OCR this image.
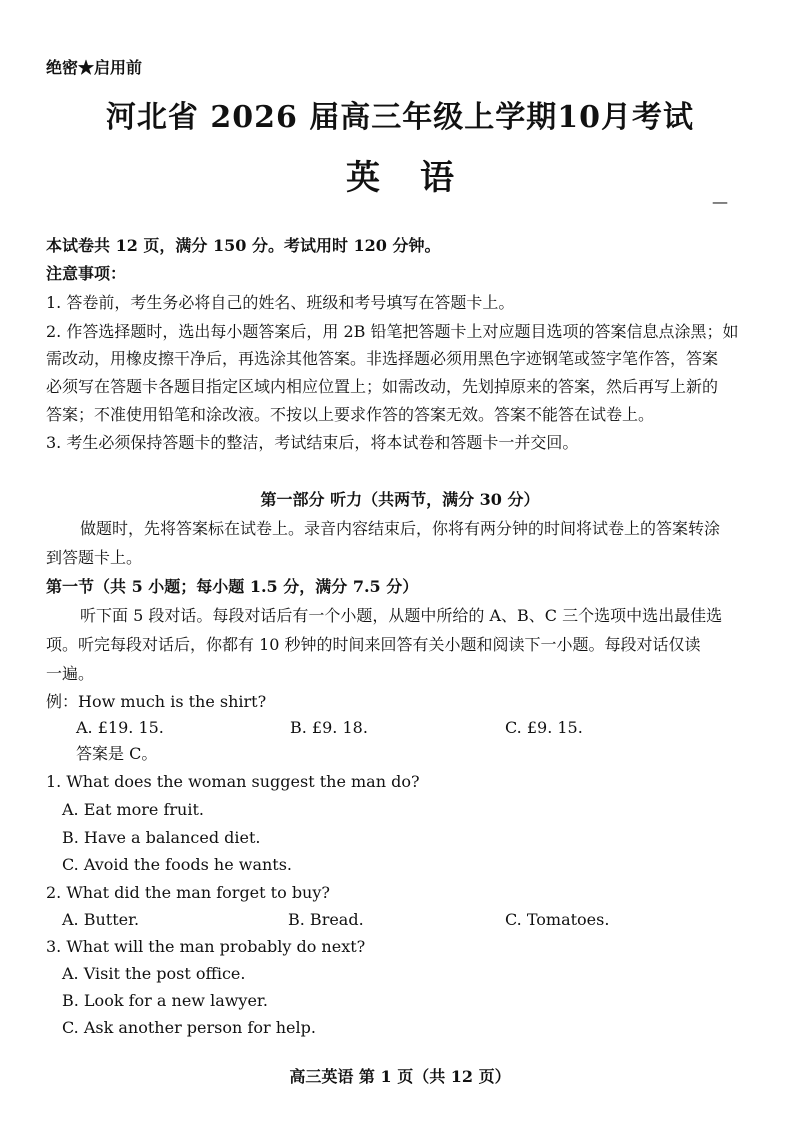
绝密★启用前
河北省 2026 届高三年级上学期10月考试
英语
—
本试卷共 12 页，满分 150 分。考试用时 120 分钟。
注意事项：
1. 答卷前，考生务必将自己的姓名、班级和考号填写在答题卡上。
2. 作答选择题时，选出每小题答案后，用 2B 铅笔把答题卡上对应题目选项的答案信息点涂黑；如
需改动，用橡皮擦干净后，再选涂其他答案。非选择题必须用黑色字迹钢笔或签字笔作答，答案
必须写在答题卡各题目指定区域内相应位置上；如需改动，先划掉原来的答案，然后再写上新的
答案；不准使用铅笔和涂改液。不按以上要求作答的答案无效。答案不能答在试卷上。
3. 考生必须保持答题卡的整洁，考试结束后，将本试卷和答题卡一并交回。
第一部分 听力（共两节，满分 30 分）
做题时，先将答案标在试卷上。录音内容结束后，你将有两分钟的时间将试卷上的答案转涂
到答题卡上。
第一节（共 5 小题；每小题 1.5 分，满分 7.5 分）
听下面 5 段对话。每段对话后有一个小题，从题中所给的 A、B、C 三个选项中选出最佳选
项。听完每段对话后，你都有 10 秒钟的时间来回答有关小题和阅读下一小题。每段对话仅读
一遍。
例：How much is the shirt?
A. £19. 15.	B. £9. 18.	C. £9. 15.
答案是 C。
1. What does the woman suggest the man do?
A. Eat more fruit.
B. Have a balanced diet.
C. Avoid the foods he wants.
2. What did the man forget to buy?
A. Butter.	B. Bread.	C. Tomatoes.
3. What will the man probably do next?
A. Visit the post office.
B. Look for a new lawyer.
C. Ask another person for help.
高三英语 第 1 页（共 12 页）
